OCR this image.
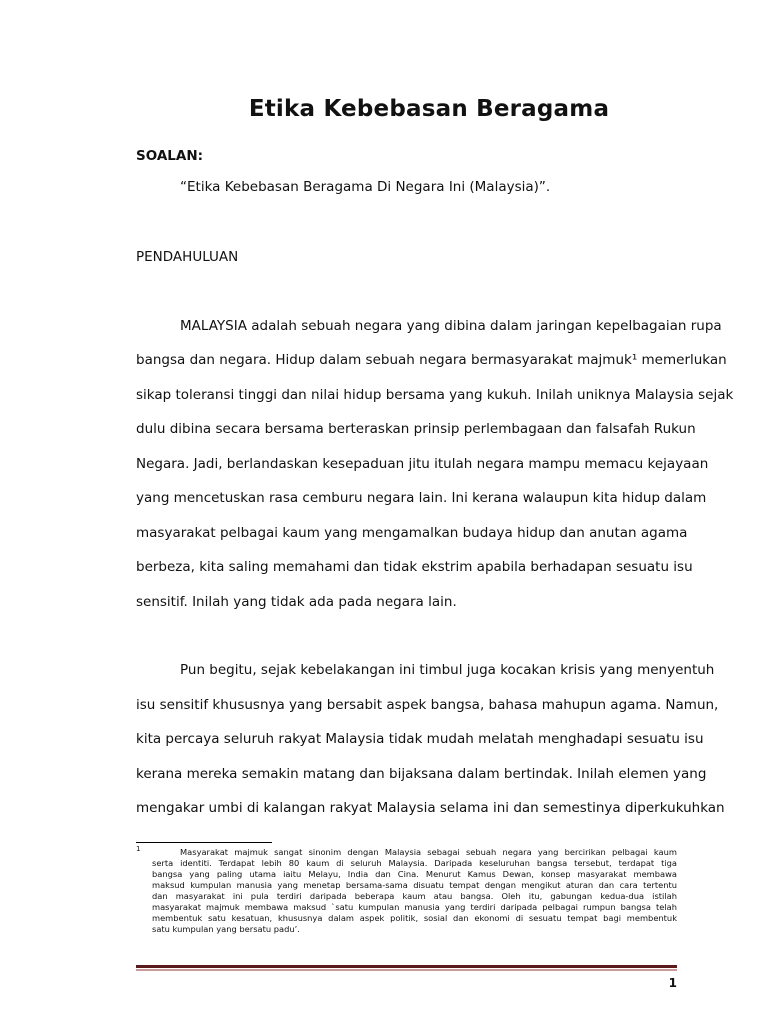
Etika Kebebasan Beragama
SOALAN:
“Etika Kebebasan Beragama Di Negara Ini (Malaysia)”.
PENDAHULUAN
MALAYSIA adalah sebuah negara yang dibina dalam jaringan kepelbagaian rupa
bangsa dan negara. Hidup dalam sebuah negara bermasyarakat majmuk¹ memerlukan
sikap toleransi tinggi dan nilai hidup bersama yang kukuh. Inilah uniknya Malaysia sejak
dulu dibina secara bersama berteraskan prinsip perlembagaan dan falsafah Rukun
Negara. Jadi, berlandaskan kesepaduan jitu itulah negara mampu memacu kejayaan
yang mencetuskan rasa cemburu negara lain. Ini kerana walaupun kita hidup dalam
masyarakat pelbagai kaum yang mengamalkan budaya hidup dan anutan agama
berbeza, kita saling memahami dan tidak ekstrim apabila berhadapan sesuatu isu
sensitif. Inilah yang tidak ada pada negara lain.
Pun begitu, sejak kebelakangan ini timbul juga kocakan krisis yang menyentuh
isu sensitif khususnya yang bersabit aspek bangsa, bahasa mahupun agama. Namun,
kita percaya seluruh rakyat Malaysia tidak mudah melatah menghadapi sesuatu isu
kerana mereka semakin matang dan bijaksana dalam bertindak. Inilah elemen yang
mengakar umbi di kalangan rakyat Malaysia selama ini dan semestinya diperkukuhkan
1	Masyarakat majmuk sangat sinonim dengan Malaysia sebagai sebuah negara yang bercirikan pelbagai kaum
serta identiti. Terdapat lebih 80 kaum di seluruh Malaysia. Daripada keseluruhan bangsa tersebut, terdapat tiga
bangsa yang paling utama iaitu Melayu, India dan Cina. Menurut Kamus Dewan, konsep masyarakat membawa
maksud kumpulan manusia yang menetap bersama-sama disuatu tempat dengan mengikut aturan dan cara tertentu
dan masyarakat ini pula terdiri daripada beberapa kaum atau bangsa. Oleh itu, gabungan kedua-dua istilah
masyarakat majmuk membawa maksud `satu kumpulan manusia yang terdiri daripada pelbagai rumpun bangsa telah
membentuk satu kesatuan, khususnya dalam aspek politik, sosial dan ekonomi di sesuatu tempat bagi membentuk
satu kumpulan yang bersatu padu’.
1
